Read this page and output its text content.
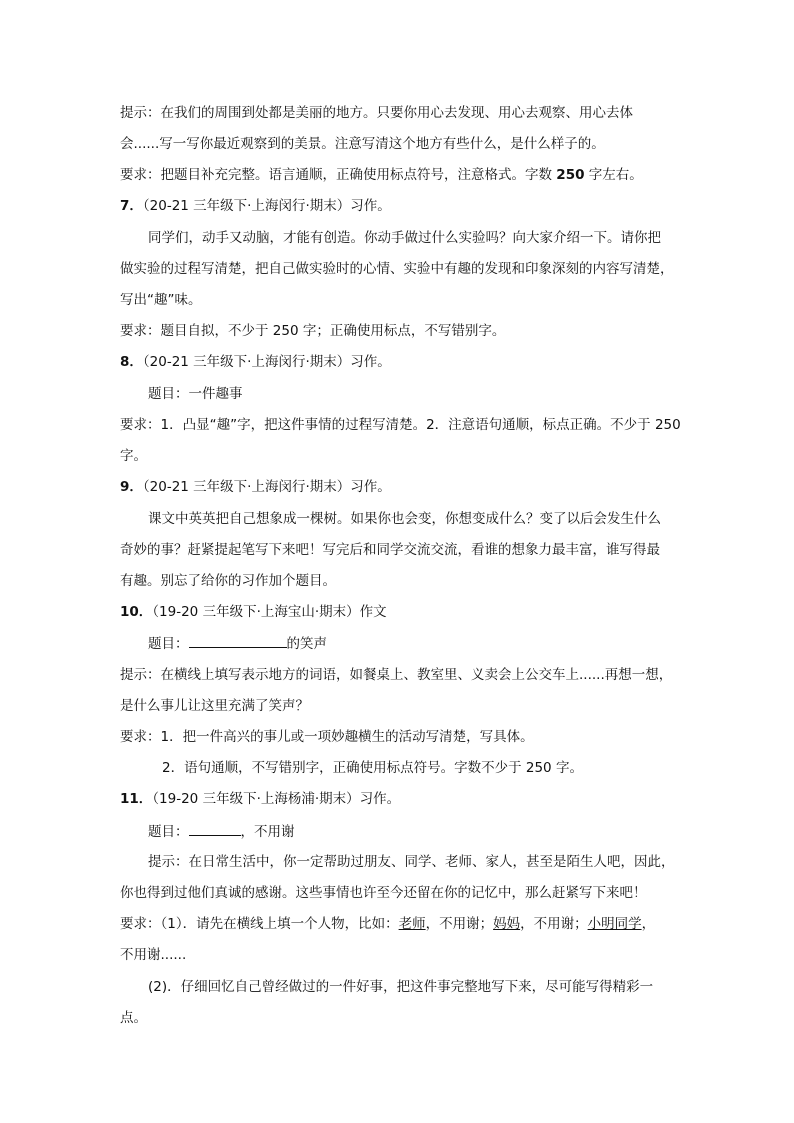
提示：在我们的周围到处都是美丽的地方。只要你用心去发现、用心去观察、用心去体
会......写一写你最近观察到的美景。注意写清这个地方有些什么，是什么样子的。
要求：把题目补充完整。语言通顺，正确使用标点符号，注意格式。字数 250 字左右。
7．（20-21 三年级下·上海闵行·期末）习作。
同学们，动手又动脑，才能有创造。你动手做过什么实验吗？向大家介绍一下。请你把
做实验的过程写清楚，把自己做实验时的心情、实验中有趣的发现和印象深刻的内容写清楚，
写出“趣”味。
要求：题目自拟，不少于 250 字；正确使用标点，不写错别字。
8．（20-21 三年级下·上海闵行·期末）习作。
题目：一件趣事
要求：1．凸显“趣”字，把这件事情的过程写清楚。2．注意语句通顺，标点正确。不少于 250
字。
9．（20-21 三年级下·上海闵行·期末）习作。
课文中英英把自己想象成一棵树。如果你也会变，你想变成什么？变了以后会发生什么
奇妙的事？赶紧提起笔写下来吧！写完后和同学交流交流，看谁的想象力最丰富，谁写得最
有趣。别忘了给你的习作加个题目。
10．（19-20 三年级下·上海宝山·期末）作文
题目：	的笑声
提示：在横线上填写表示地方的词语，如餐桌上、教室里、义卖会上公交车上......再想一想，
是什么事儿让这里充满了笑声？
要求：1．把一件高兴的事儿或一项妙趣横生的活动写清楚，写具体。
2．语句通顺，不写错别字，正确使用标点符号。字数不少于 250 字。
11．（19-20 三年级下·上海杨浦·期末）习作。
题目：	，不用谢
提示：在日常生活中，你一定帮助过朋友、同学、老师、家人，甚至是陌生人吧，因此，
你也得到过他们真诚的感谢。这些事情也许至今还留在你的记忆中，那么赶紧写下来吧！
要求：（1）．请先在横线上填一个人物，比如：老师，不用谢；妈妈，不用谢；小明同学，
不用谢......
(2)．仔细回忆自己曾经做过的一件好事，把这件事完整地写下来，尽可能写得精彩一
点。
